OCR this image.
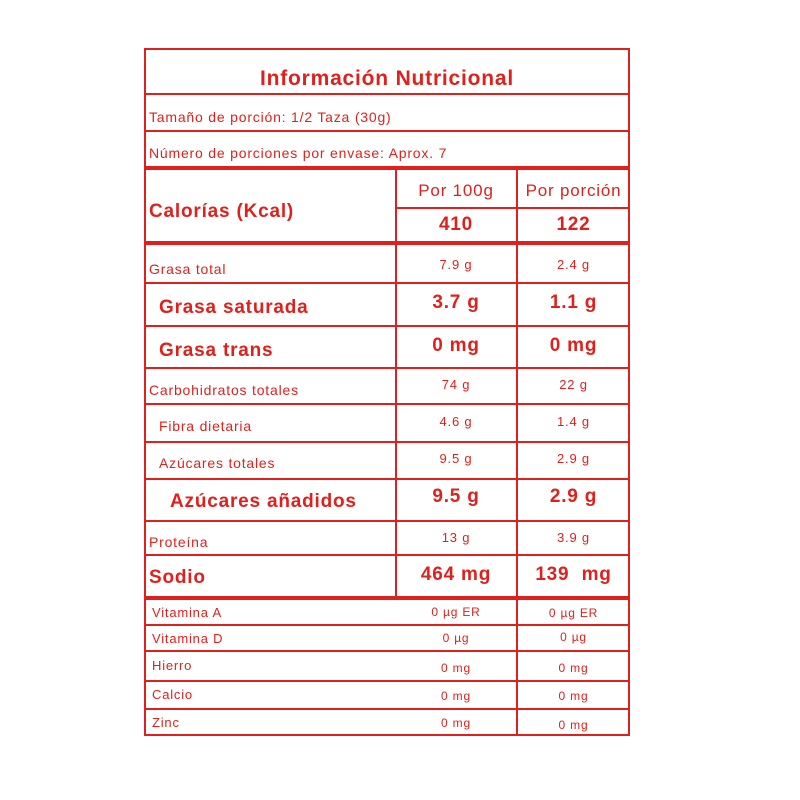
Información Nutricional
Tamaño de porción: 1/2 Taza (30g)
Número de porciones por envase: Aprox. 7
Calorías (Kcal)
Por 100g	Por porción
410	122
Grasa total	7.9 g	2.4 g
Grasa saturada	3.7 g	1.1 g
Grasa trans	0 mg	0 mg
Carbohidratos totales	74 g	22 g
Fibra dietaria	4.6 g	1.4 g
Azúcares totales	9.5 g	2.9 g
Azúcares añadidos	9.5 g	2.9 g
Proteína	13 g	3.9 g
Sodio	464 mg	139  mg
Vitamina A	0 µg ER	0 µg ER
Vitamina D	0 µg	0 µg
Hierro	0 mg	0 mg
Calcio	0 mg	0 mg
Zinc	0 mg	0 mg
